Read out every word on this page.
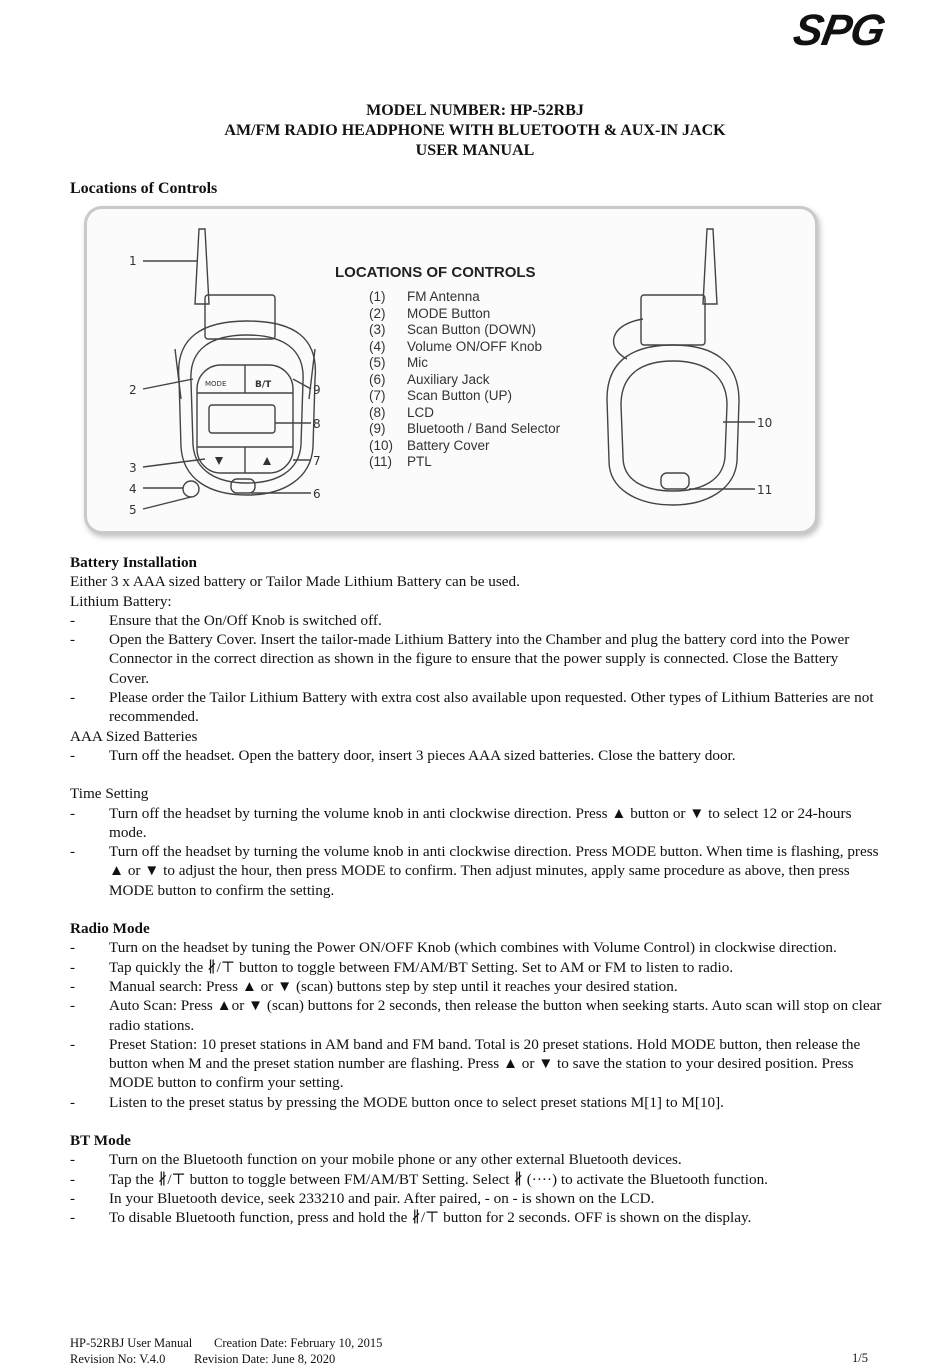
SPG
MODEL NUMBER: HP-52RBJ
AM/FM RADIO HEADPHONE WITH BLUETOOTH & AUX-IN JACK
USER MANUAL
Locations of Controls
1
2
3
4
5
6
7
8
9
10
11
MODE	B/T
LOCATIONS OF CONTROLS
(1) FM Antenna
(2) MODE Button
(3) Scan Button (DOWN)
(4) Volume ON/OFF Knob
(5) Mic
(6) Auxiliary Jack
(7) Scan Button (UP)
(8) LCD
(9) Bluetooth / Band Selector
(10) Battery Cover
(11) PTL

Battery Installation

Either 3 x AAA sized battery or Tailor Made Lithium Battery can be used.

Lithium Battery:

-	Ensure that the On/Off Knob is switched off.
-	Open the Battery Cover. Insert the tailor-made Lithium Battery into the Chamber and plug the battery cord into the Power Connector in the correct direction as shown in the figure to ensure that the power supply is connected. Close the Battery Cover.
-	Please order the Tailor Lithium Battery with extra cost also available upon requested. Other types of Lithium Batteries are not recommended.

AAA Sized Batteries

-	Turn off the headset. Open the battery door, insert 3 pieces AAA sized batteries. Close the battery door.

Time Setting

-	Turn off the headset by turning the volume knob in anti clockwise direction. Press ▲ button or ▼ to select 12 or 24-hours mode.
-	Turn off the headset by turning the volume knob in anti clockwise direction. Press MODE button. When time is flashing, press ▲ or ▼ to adjust the hour, then press MODE to confirm. Then adjust minutes, apply same procedure as above, then press MODE button to confirm the setting.

Radio Mode

-	Turn on the headset by tuning the Power ON/OFF Knob (which combines with Volume Control) in clockwise direction.
-	Tap quickly the ∦/⊤ button to toggle between FM/AM/BT Setting. Set to AM or FM to listen to radio.
-	Manual search: Press ▲ or ▼ (scan) buttons step by step until it reaches your desired station.
-	Auto Scan: Press ▲or ▼ (scan) buttons for 2 seconds, then release the button when seeking starts. Auto scan will stop on clear radio stations.
-	Preset Station: 10 preset stations in AM band and FM band. Total is 20 preset stations. Hold MODE button, then release the button when M and the preset station number are flashing. Press ▲ or ▼ to save the station to your desired position. Press MODE button to confirm your setting.
-	Listen to the preset status by pressing the MODE button once to select preset stations M[1] to M[10].

BT Mode

-	Turn on the Bluetooth function on your mobile phone or any other external Bluetooth devices.
-	Tap the ∦/⊤ button to toggle between FM/AM/BT Setting. Select ∦ (····) to activate the Bluetooth function.
-	In your Bluetooth device, seek 233210 and pair. After paired, - on - is shown on the LCD.
-	To disable Bluetooth function, press and hold the ∦/⊤ button for 2 seconds. OFF is shown on the display.
HP-52RBJ User Manual Creation Date: February 10, 2015
Revision No: V.4.0 Revision Date: June 8, 2020	1/5
